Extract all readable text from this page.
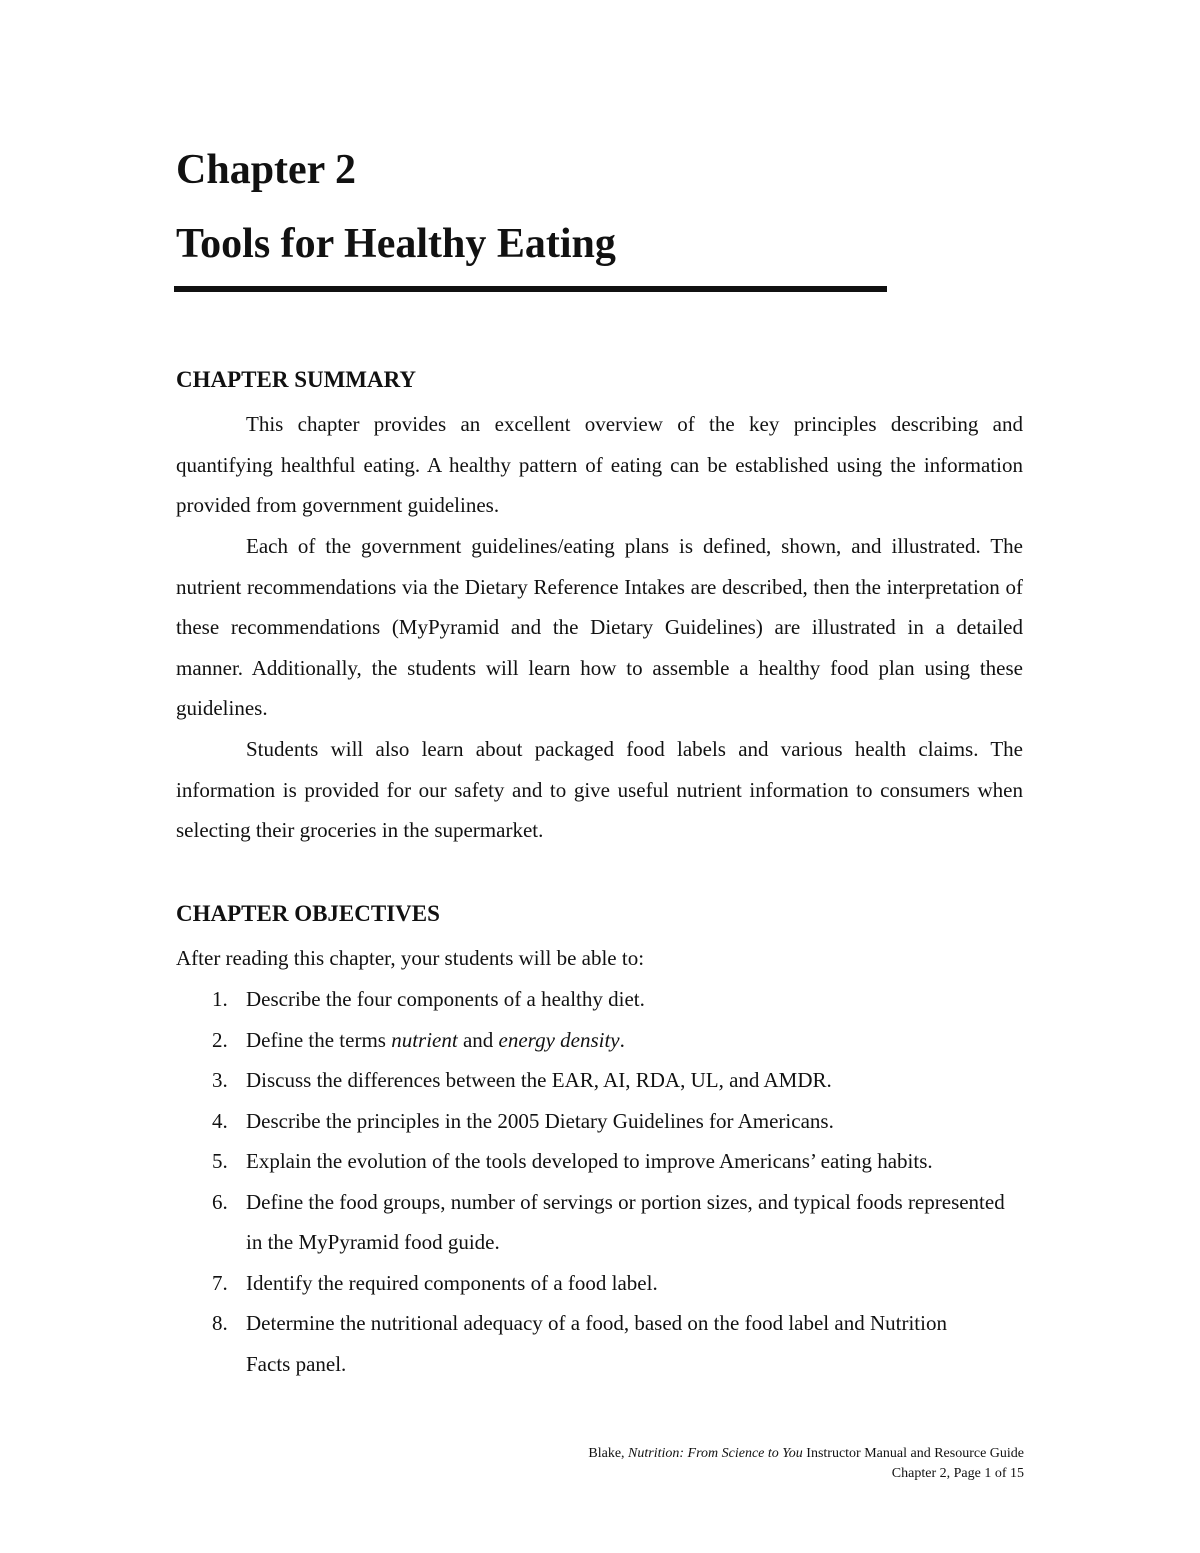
Chapter 2
Tools for Healthy Eating
CHAPTER SUMMARY

This chapter provides an excellent overview of the key principles describing and quantifying healthful eating. A healthy pattern of eating can be established using the information provided from government guidelines.

Each of the government guidelines/eating plans is defined, shown, and illustrated. The nutrient recommendations via the Dietary Reference Intakes are described, then the interpretation of these recommendations (MyPyramid and the Dietary Guidelines) are illustrated in a detailed manner. Additionally, the students will learn how to assemble a healthy food plan using these guidelines.

Students will also learn about packaged food labels and various health claims. The information is provided for our safety and to give useful nutrient information to consumers when selecting their groceries in the supermarket.

CHAPTER OBJECTIVES

After reading this chapter, your students will be able to:

1. Describe the four components of a healthy diet.
2. Define the terms nutrient and energy density.
3. Discuss the differences between the EAR, AI, RDA, UL, and AMDR.
4. Describe the principles in the 2005 Dietary Guidelines for Americans.
5. Explain the evolution of the tools developed to improve Americans’ eating habits.
6. Define the food groups, number of servings or portion sizes, and typical foods represented in the MyPyramid food guide.
7. Identify the required components of a food label.
8. Determine the nutritional adequacy of a food, based on the food label and Nutrition Facts panel.
Blake, Nutrition: From Science to You Instructor Manual and Resource Guide
Chapter 2, Page 1 of 15
